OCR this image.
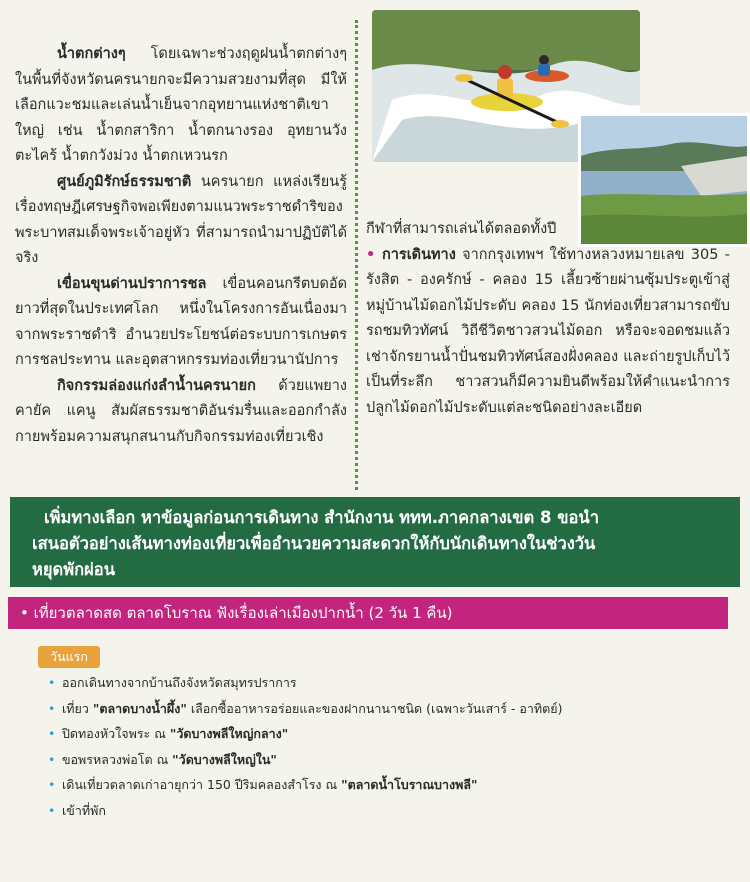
น้ำตกต่างๆ โดยเฉพาะช่วงฤดูฝนน้ำตกต่างๆ ในพื้นที่จังหวัดนครนายกจะมีความสวยงามที่สุด มีให้เลือกแวะชมและเล่นน้ำเย็นจากอุทยานแห่งชาติเขาใหญ่ เช่น น้ำตกสาริกา น้ำตกนางรอง อุทยานวังตะไคร้ น้ำตกวังม่วง น้ำตกเหวนรก

ศูนย์ภูมิรักษ์ธรรมชาติ นครนายก แหล่งเรียนรู้เรื่องทฤษฎีเศรษฐกิจพอเพียงตามแนวพระราชดำริของพระบาทสมเด็จพระเจ้าอยู่หัว ที่สามารถนำมาปฏิบัติได้จริง

เขื่อนขุนด่านปราการชล เขื่อนคอนกรีตบดอัดยาวที่สุดในประเทศโลก หนึ่งในโครงการอันเนื่องมาจากพระราชดำริ อำนวยประโยชน์ต่อระบบการเกษตร การชลประทาน และอุตสาหกรรมท่องเที่ยวนานัปการ

กิจกรรมล่องแก่งลำน้ำนครนายก ด้วยแพยางคายัค แคนู สัมผัสธรรมชาติอันร่มรื่นและออกกำลังกายพร้อมความสนุกสนานกับกิจกรรมท่องเที่ยวเชิง

กีฬาที่สามารถเล่นได้ตลอดทั้งปี

• การเดินทาง จากกรุงเทพฯ ใช้ทางหลวงหมายเลข 305 - รังสิต - องครักษ์ - คลอง 15 เลี้ยวซ้ายผ่านซุ้มประตูเข้าสู่หมู่บ้านไม้ดอกไม้ประดับ คลอง 15 นักท่องเที่ยวสามารถขับรถชมทิวทัศน์ วิถีชีวิตชาวสวนไม้ดอก หรือจะจอดชมแล้วเช่าจักรยานน้ำปั่นชมทิวทัศน์สองฝั่งคลอง และถ่ายรูปเก็บไว้เป็นที่ระลึก ชาวสวนก็มีความยินดีพร้อมให้คำแนะนำการปลูกไม้ดอกไม้ประดับแต่ละชนิดอย่างละเอียด

เพิ่มทางเลือก หาข้อมูลก่อนการเดินทาง สำนักงาน ททท.ภาคกลางเขต 8 ขอนำ
เสนอตัวอย่างเส้นทางท่องเที่ยวเพื่ออำนวยความสะดวกให้กับนักเดินทางในช่วงวัน
หยุดพักผ่อน
• เที่ยวตลาดสด ตลาดโบราณ ฟังเรื่องเล่าเมืองปากน้ำ (2 วัน 1 คืน)
วันแรก
• ออกเดินทางจากบ้านถึงจังหวัดสมุทรปราการ
• เที่ยว "ตลาดบางน้ำผึ้ง" เลือกซื้ออาหารอร่อยและของฝากนานาชนิด (เฉพาะวันเสาร์ - อาทิตย์)
• ปิดทองหัวใจพระ ณ "วัดบางพลีใหญ่กลาง"
• ขอพรหลวงพ่อโต ณ "วัดบางพลีใหญ่ใน"
• เดินเที่ยวตลาดเก่าอายุกว่า 150 ปีริมคลองสำโรง ณ "ตลาดน้ำโบราณบางพลี"
• เข้าที่พัก
